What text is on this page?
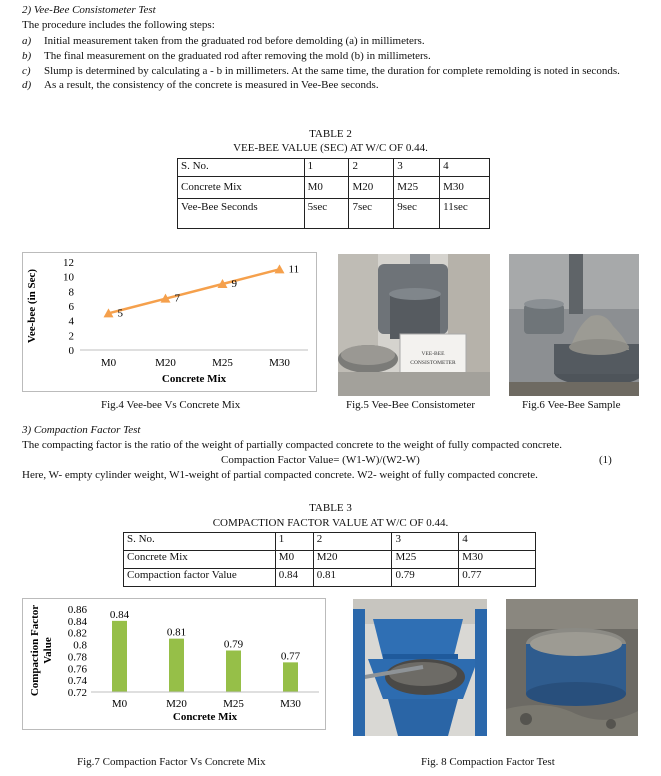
2) Vee-Bee Consistometer Test
The procedure includes the following steps:
a) Initial measurement taken from the graduated rod before demolding (a) in millimeters.
b) The final measurement on the graduated rod after removing the mold (b) in millimeters.
c) Slump is determined by calculating a - b in millimeters. At the same time, the duration for complete remolding is noted in seconds.
d) As a result, the consistency of the concrete is measured in Vee-Bee seconds.
TABLE 2
VEE-BEE VALUE (SEC) AT W/C OF 0.44.
S. No.	1	2	3	4
Concrete Mix	M0	M20	M25	M30
Vee-Bee Seconds	5sec	7sec	9sec	11sec
Vee-bee (in Sec)
0
2
4
6
8
10
12
M0	M20	M25	M30
Concrete Mix
5
7
9
11
Fig.4 Vee-bee Vs Concrete Mix
VEE-BEE
CONSISTOMETER
Fig.5 Vee-Bee Consistometer	Fig.6 Vee-Bee Sample
3) Compaction Factor Test
The compacting factor is the ratio of the weight of partially compacted concrete to the weight of fully compacted concrete.
Compaction Factor Value= (W1-W)/(W2-W)	(1)
Here, W- empty cylinder weight, W1-weight of partial compacted concrete. W2- weight of fully compacted concrete.
TABLE 3
COMPACTION FACTOR VALUE AT W/C OF 0.44.
S. No.	1	2	3	4
Concrete Mix	M0	M20	M25	M30
Compaction factor Value	0.84	0.81	0.79	0.77
Compaction Factor Value
0.72
0.74
0.76
0.78
0.8
0.82
0.84
0.86 0.84
0.81
0.79
0.77
M0	M20	M25	M30
Concrete Mix
Fig.7 Compaction Factor Vs Concrete Mix	Fig. 8 Compaction Factor Test
